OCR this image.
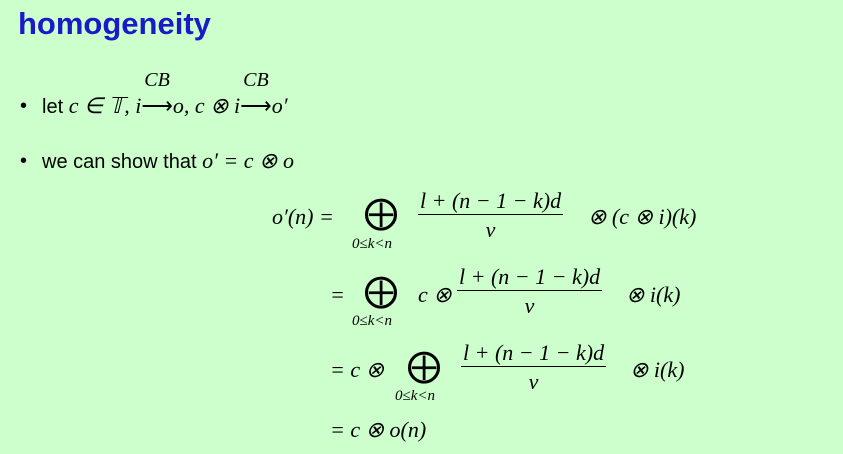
homogeneity
• let c ∈ 𝕋, i
CB
⟶o, c ⊗ i
CB
⟶o′
• we can show that o′ = c ⊗ o
o′(n) = ⨁
0≤k<n
$\frac{l + (n - 1 - k)d}{v}$ ⊗ (c ⊗ i)(k)
= ⨁
0≤k<n
c ⊗ $\frac{l + (n - 1 - k)d}{v}$ ⊗ i(k)
= c ⊗ ⨁
0≤k<n
$\frac{l + (n - 1 - k)d}{v}$ ⊗ i(k)
= c ⊗ o(n)
